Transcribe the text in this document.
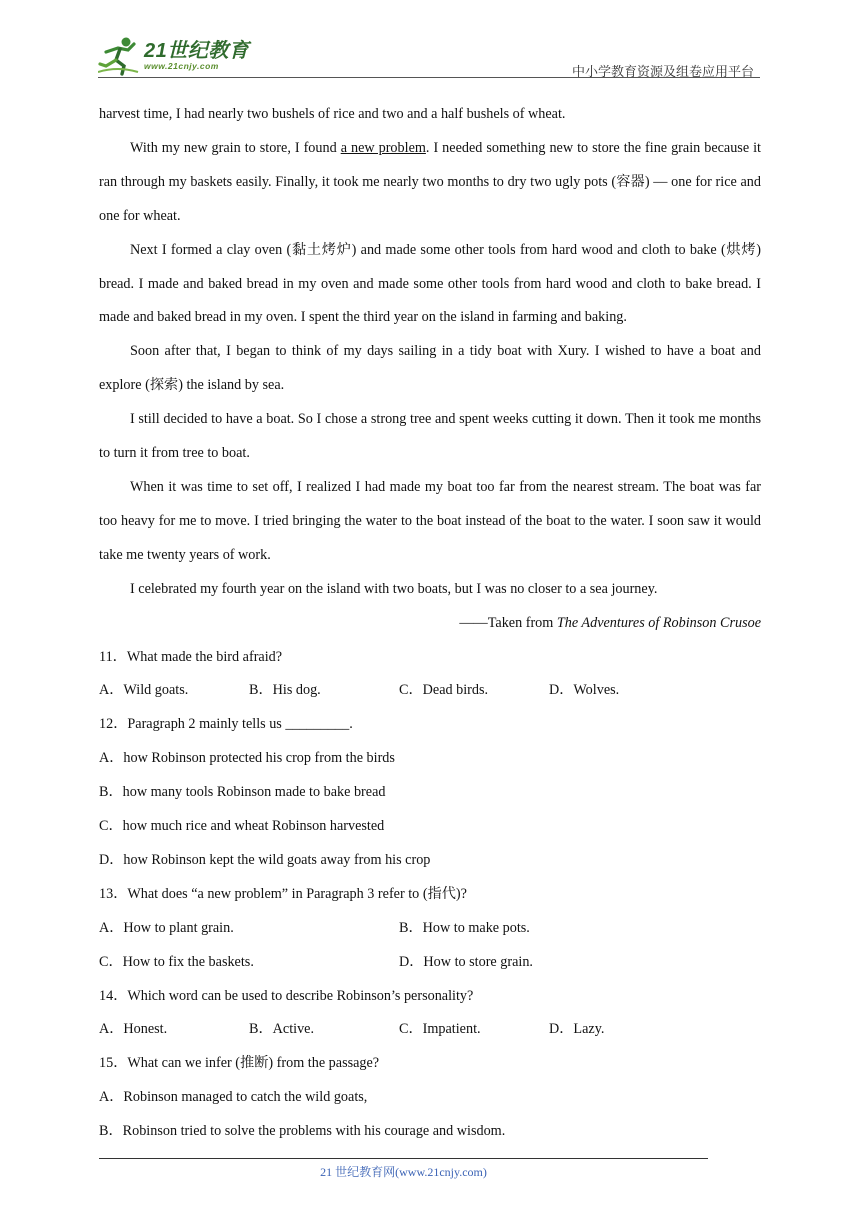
21世纪教育
www.21cnjy.com	中小学教育资源及组卷应用平台

harvest time, I had nearly two bushels of rice and two and a half bushels of wheat.

With my new grain to store, I found a new problem. I needed something new to store the fine grain because it ran through my baskets easily. Finally, it took me nearly two months to dry two ugly pots (容器) — one for rice and one for wheat.

Next I formed a clay oven (黏土烤炉) and made some other tools from hard wood and cloth to bake (烘烤) bread. I made and baked bread in my oven and made some other tools from hard wood and cloth to bake bread. I made and baked bread in my oven. I spent the third year on the island in farming and baking.

Soon after that, I began to think of my days sailing in a tidy boat with Xury. I wished to have a boat and explore (探索) the island by sea.

I still decided to have a boat. So I chose a strong tree and spent weeks cutting it down. Then it took me months to turn it from tree to boat.

When it was time to set off, I realized I had made my boat too far from the nearest stream. The boat was far too heavy for me to move. I tried bringing the water to the boat instead of the boat to the water. I soon saw it would take me twenty years of work.

I celebrated my fourth year on the island with two boats, but I was no closer to a sea journey.

——Taken from The Adventures of Robinson Crusoe

11．What made the bird afraid?

A．Wild goats.	B．His dog.	C．Dead birds.	D．Wolves.

12．Paragraph 2 mainly tells us _________.

A．how Robinson protected his crop from the birds

B．how many tools Robinson made to bake bread

C．how much rice and wheat Robinson harvested

D．how Robinson kept the wild goats away from his crop

13．What does “a new problem” in Paragraph 3 refer to (指代)?

A．How to plant grain.	B．How to make pots.
C．How to fix the baskets.	D．How to store grain.

14．Which word can be used to describe Robinson’s personality?

A．Honest.	B．Active.	C．Impatient.	D．Lazy.

15．What can we infer (推断) from the passage?

A．Robinson managed to catch the wild goats,

B．Robinson tried to solve the problems with his courage and wisdom.

21 世纪教育网(www.21cnjy.com)
